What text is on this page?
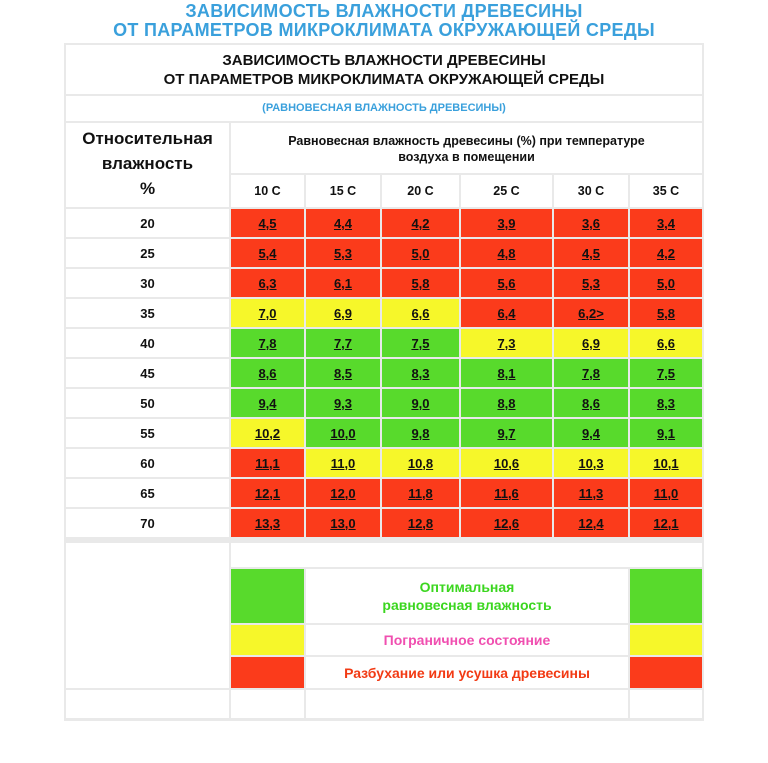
ЗАВИСИМОСТЬ ВЛАЖНОСТИ ДРЕВЕСИНЫ
ОТ ПАРАМЕТРОВ МИКРОКЛИМАТА ОКРУЖАЮЩЕЙ СРЕДЫ
ЗАВИСИМОСТЬ ВЛАЖНОСТИ ДРЕВЕСИНЫ
ОТ ПАРАМЕТРОВ МИКРОКЛИМАТА ОКРУЖАЮЩЕЙ СРЕДЫ
(РАВНОВЕСНАЯ ВЛАЖНОСТЬ ДРЕВЕСИНЫ)
Относительная
влажность
%
Равновесная влажность древесины (%) при температуре
воздуха в помещении
10 С	15 С	20 С	25 С	30 С	35 С
20	4,5	4,4	4,2	3,9	3,6	3,4
25	5,4	5,3	5,0	4,8	4,5	4,2
30	6,3	6,1	5,8	5,6	5,3	5,0
35	7,0	6,9	6,6	6,4	6,2>	5,8
40	7,8	7,7	7,5	7,3	6,9	6,6
45	8,6	8,5	8,3	8,1	7,8	7,5
50	9,4	9,3	9,0	8,8	8,6	8,3
55	10,2	10,0	9,8	9,7	9,4	9,1
60	11,1	11,0	10,8	10,6	10,3	10,1
65	12,1	12,0	11,8	11,6	11,3	11,0
70	13,3	13,0	12,8	12,6	12,4	12,1
Оптимальная равновесная влажность
Пограничное состояние
Разбухание или усушка древесины
